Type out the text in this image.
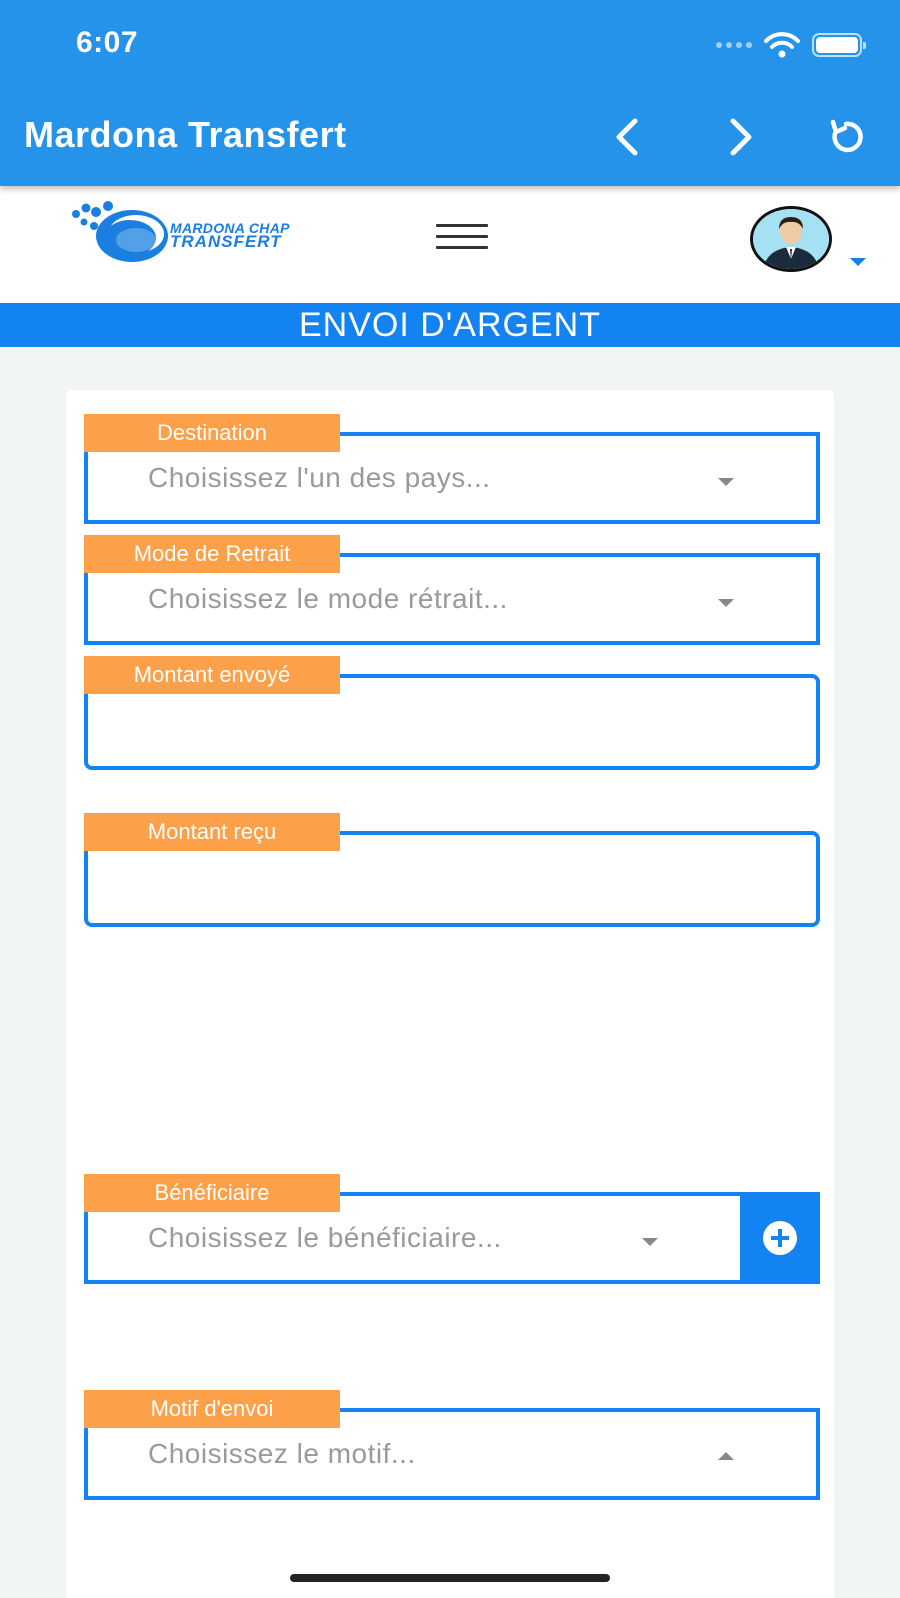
6:07
Mardona Transfert
MARDONA CHAP
TRANSFERT
ENVOI D'ARGENT
Destination
Choisissez l'un des pays...
Mode de Retrait
Choisissez le mode rétrait...
Montant envoyé
Montant reçu
Bénéficiaire
Choisissez le bénéficiaire...
Motif d'envoi
Choisissez le motif...
